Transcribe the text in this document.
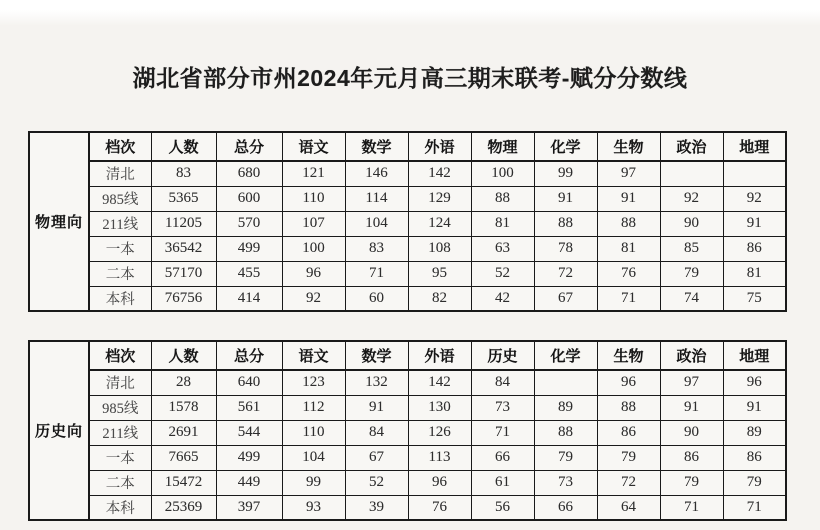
湖北省部分市州2024年元月高三期末联考-赋分分数线
物理向	档次	人数	总分	语文	数学	外语	物理	化学	生物	政治	地理
	清北	83	680	121	146	142	100	99	97		
	985线	5365	600	110	114	129	88	91	91	92	92
	211线	11205	570	107	104	124	81	88	88	90	91
	一本	36542	499	100	83	108	63	78	81	85	86
	二本	57170	455	96	71	95	52	72	76	79	81
	本科	76756	414	92	60	82	42	67	71	74	75
历史向	档次	人数	总分	语文	数学	外语	历史	化学	生物	政治	地理
	清北	28	640	123	132	142	84		96	97	96
	985线	1578	561	112	91	130	73	89	88	91	91
	211线	2691	544	110	84	126	71	88	86	90	89
	一本	7665	499	104	67	113	66	79	79	86	86
	二本	15472	449	99	52	96	61	73	72	79	79
	本科	25369	397	93	39	76	56	66	64	71	71
